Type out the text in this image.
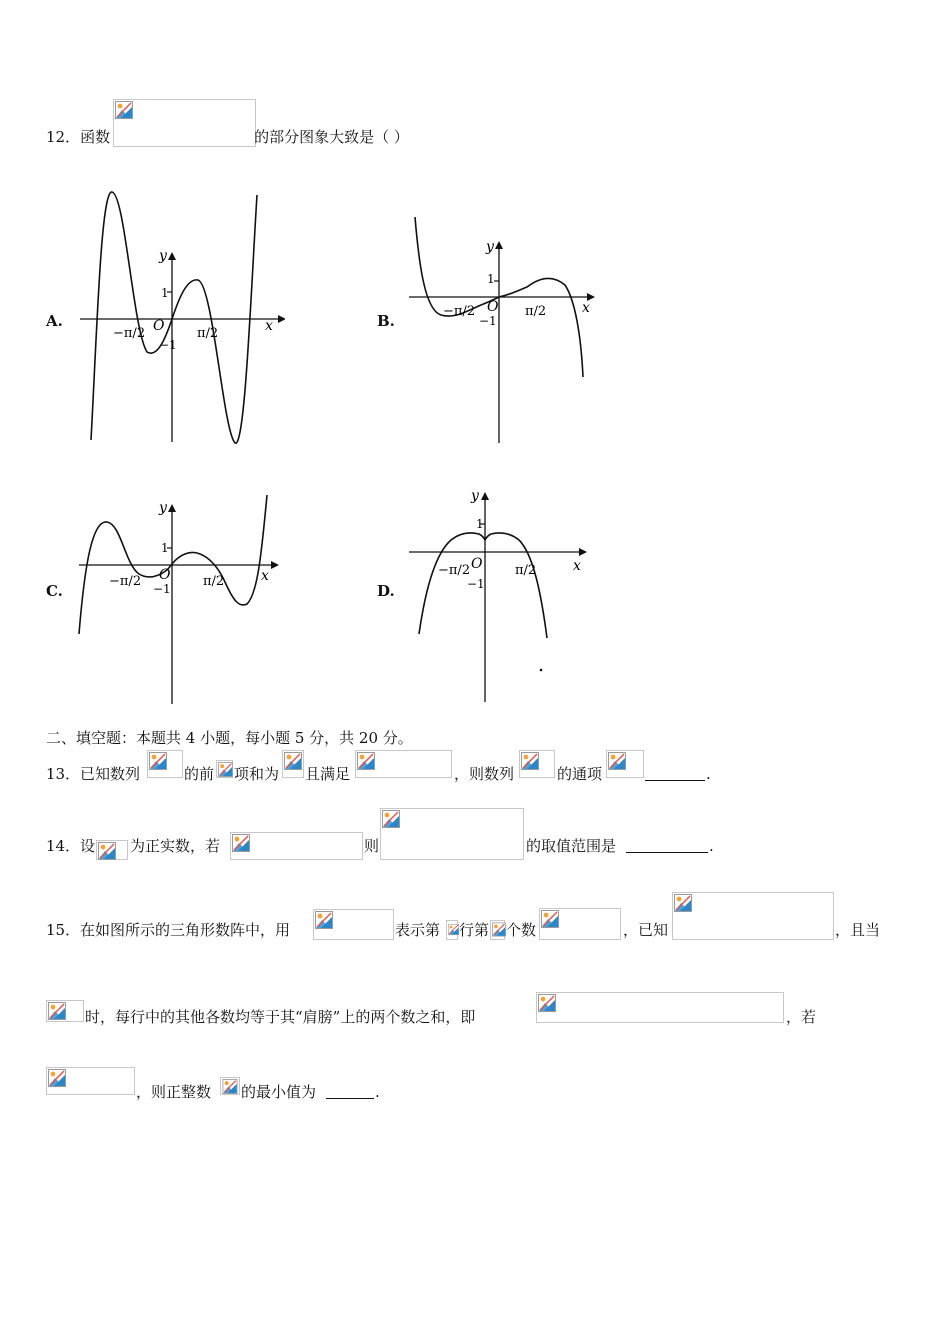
12．函数	的部分图象大致是（ ）
A.
y
x
O
1
−1
−π/2	π/2
B.
y
x
O
1
−1
−π/2	π/2
C.
y
x
O
1
−1
−π/2	π/2
D.
y
x
O
1
−1
−π/2	π/2
二、填空题：本题共 4 小题，每小题 5 分，共 20 分。
13． 已知数列	的前 项和为 且满足	，则数列	的通项	.
14． 设 为正实数，若	则	的取值范围是	.
15． 在如图所示的三角形数阵中，用	表示第 行第 个数	，已知	，且当
时，每行中的其他各数均等于其“肩膀”上的两个数之和，即	，若
，则正整数 的最小值为	.
